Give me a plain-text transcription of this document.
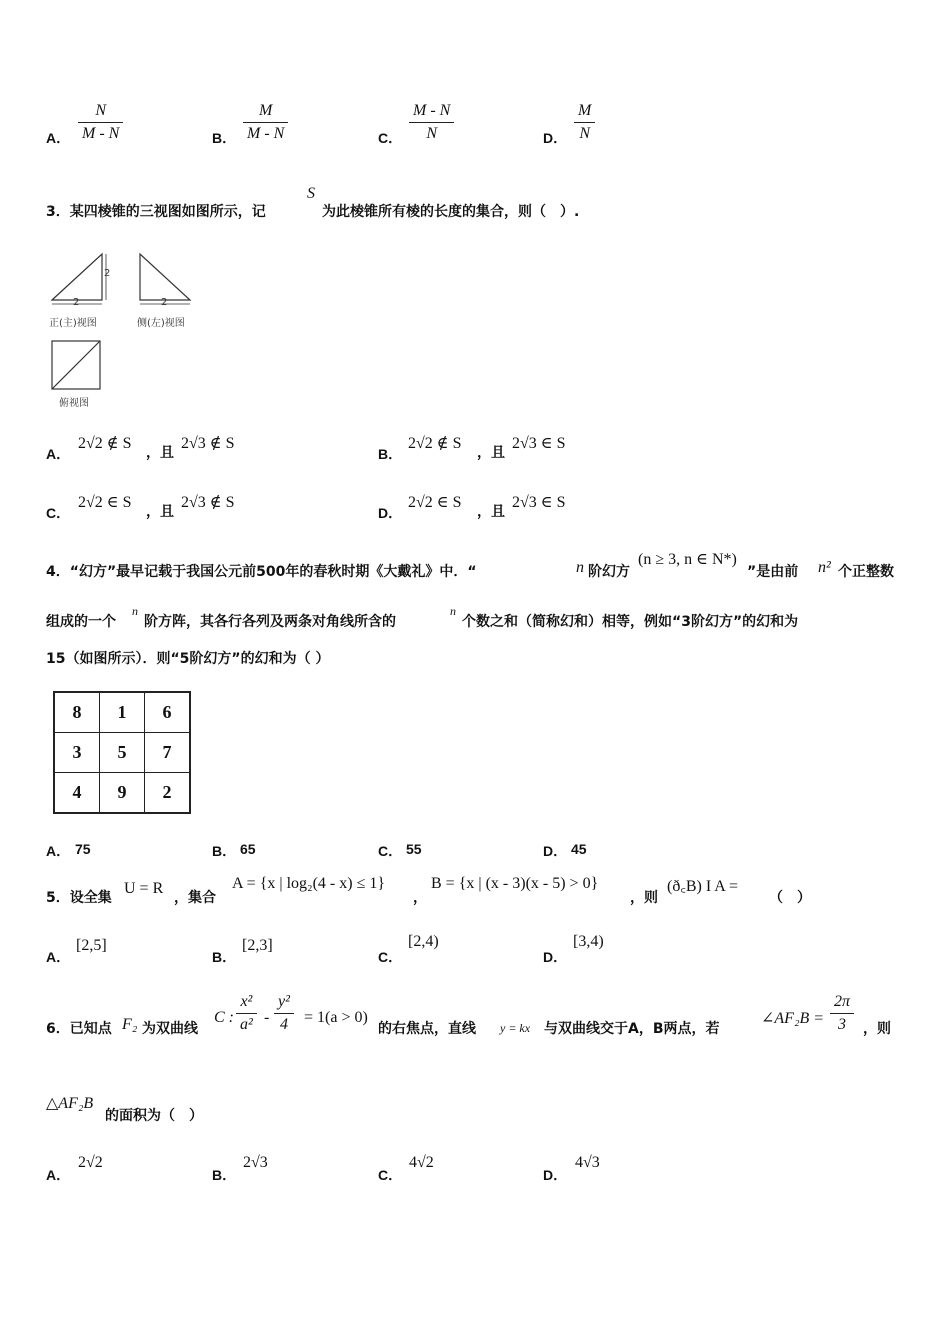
A．
N
M - N	B．
M
M - N	C．
M - N
N	D．
M
N
3．某四棱锥的三视图如图所示，记
S
为此棱锥所有棱的长度的集合，则（　）.
2
2	2
正(主)视图	侧(左)视图
俯视图
A．
2√2 ∉ S
，且
2√3 ∉ S
B．
2√2 ∉ S
，且
2√3 ∈ S
C．
2√2 ∈ S
，且
2√3 ∉ S
D．
2√2 ∈ S
，且
2√3 ∈ S
4．“幻方”最早记载于我国公元前500年的春秋时期《大戴礼》中．“	n 阶幻方
(n ≥ 3, n ∈ N*)
”是由前 n² 个正整数
组成的一个
n
阶方阵，其各行各列及两条对角线所含的
n
个数之和（简称幻和）相等，例如“3阶幻方”的幻和为
15（如图所示）．则“5阶幻方”的幻和为（ ）
8	1	6
3	5	7
4	9	2
A． 75	B． 65	C． 55	D． 45
5．设全集
U = R
，集合
A = {x | log₂(4 - x) ≤ 1}
，
B = {x | (x - 3)(x - 5) > 0}
，则
(ð꜀B) I A =
（　）
A．
[2,5]
B．
[2,3]
C．
[2,4)
D．
[3,4)
6．已知点 F₂ 为双曲线
C :
x²
a² -
y²
4 = 1(a > 0)
的右焦点，直线 y = kx 与双曲线交于A，B两点，若
∠AF₂B =
2π
3 ，则
△AF₂B
的面积为（　）
A．
2√2
B．
2√3
C．
4√2
D．
4√3
